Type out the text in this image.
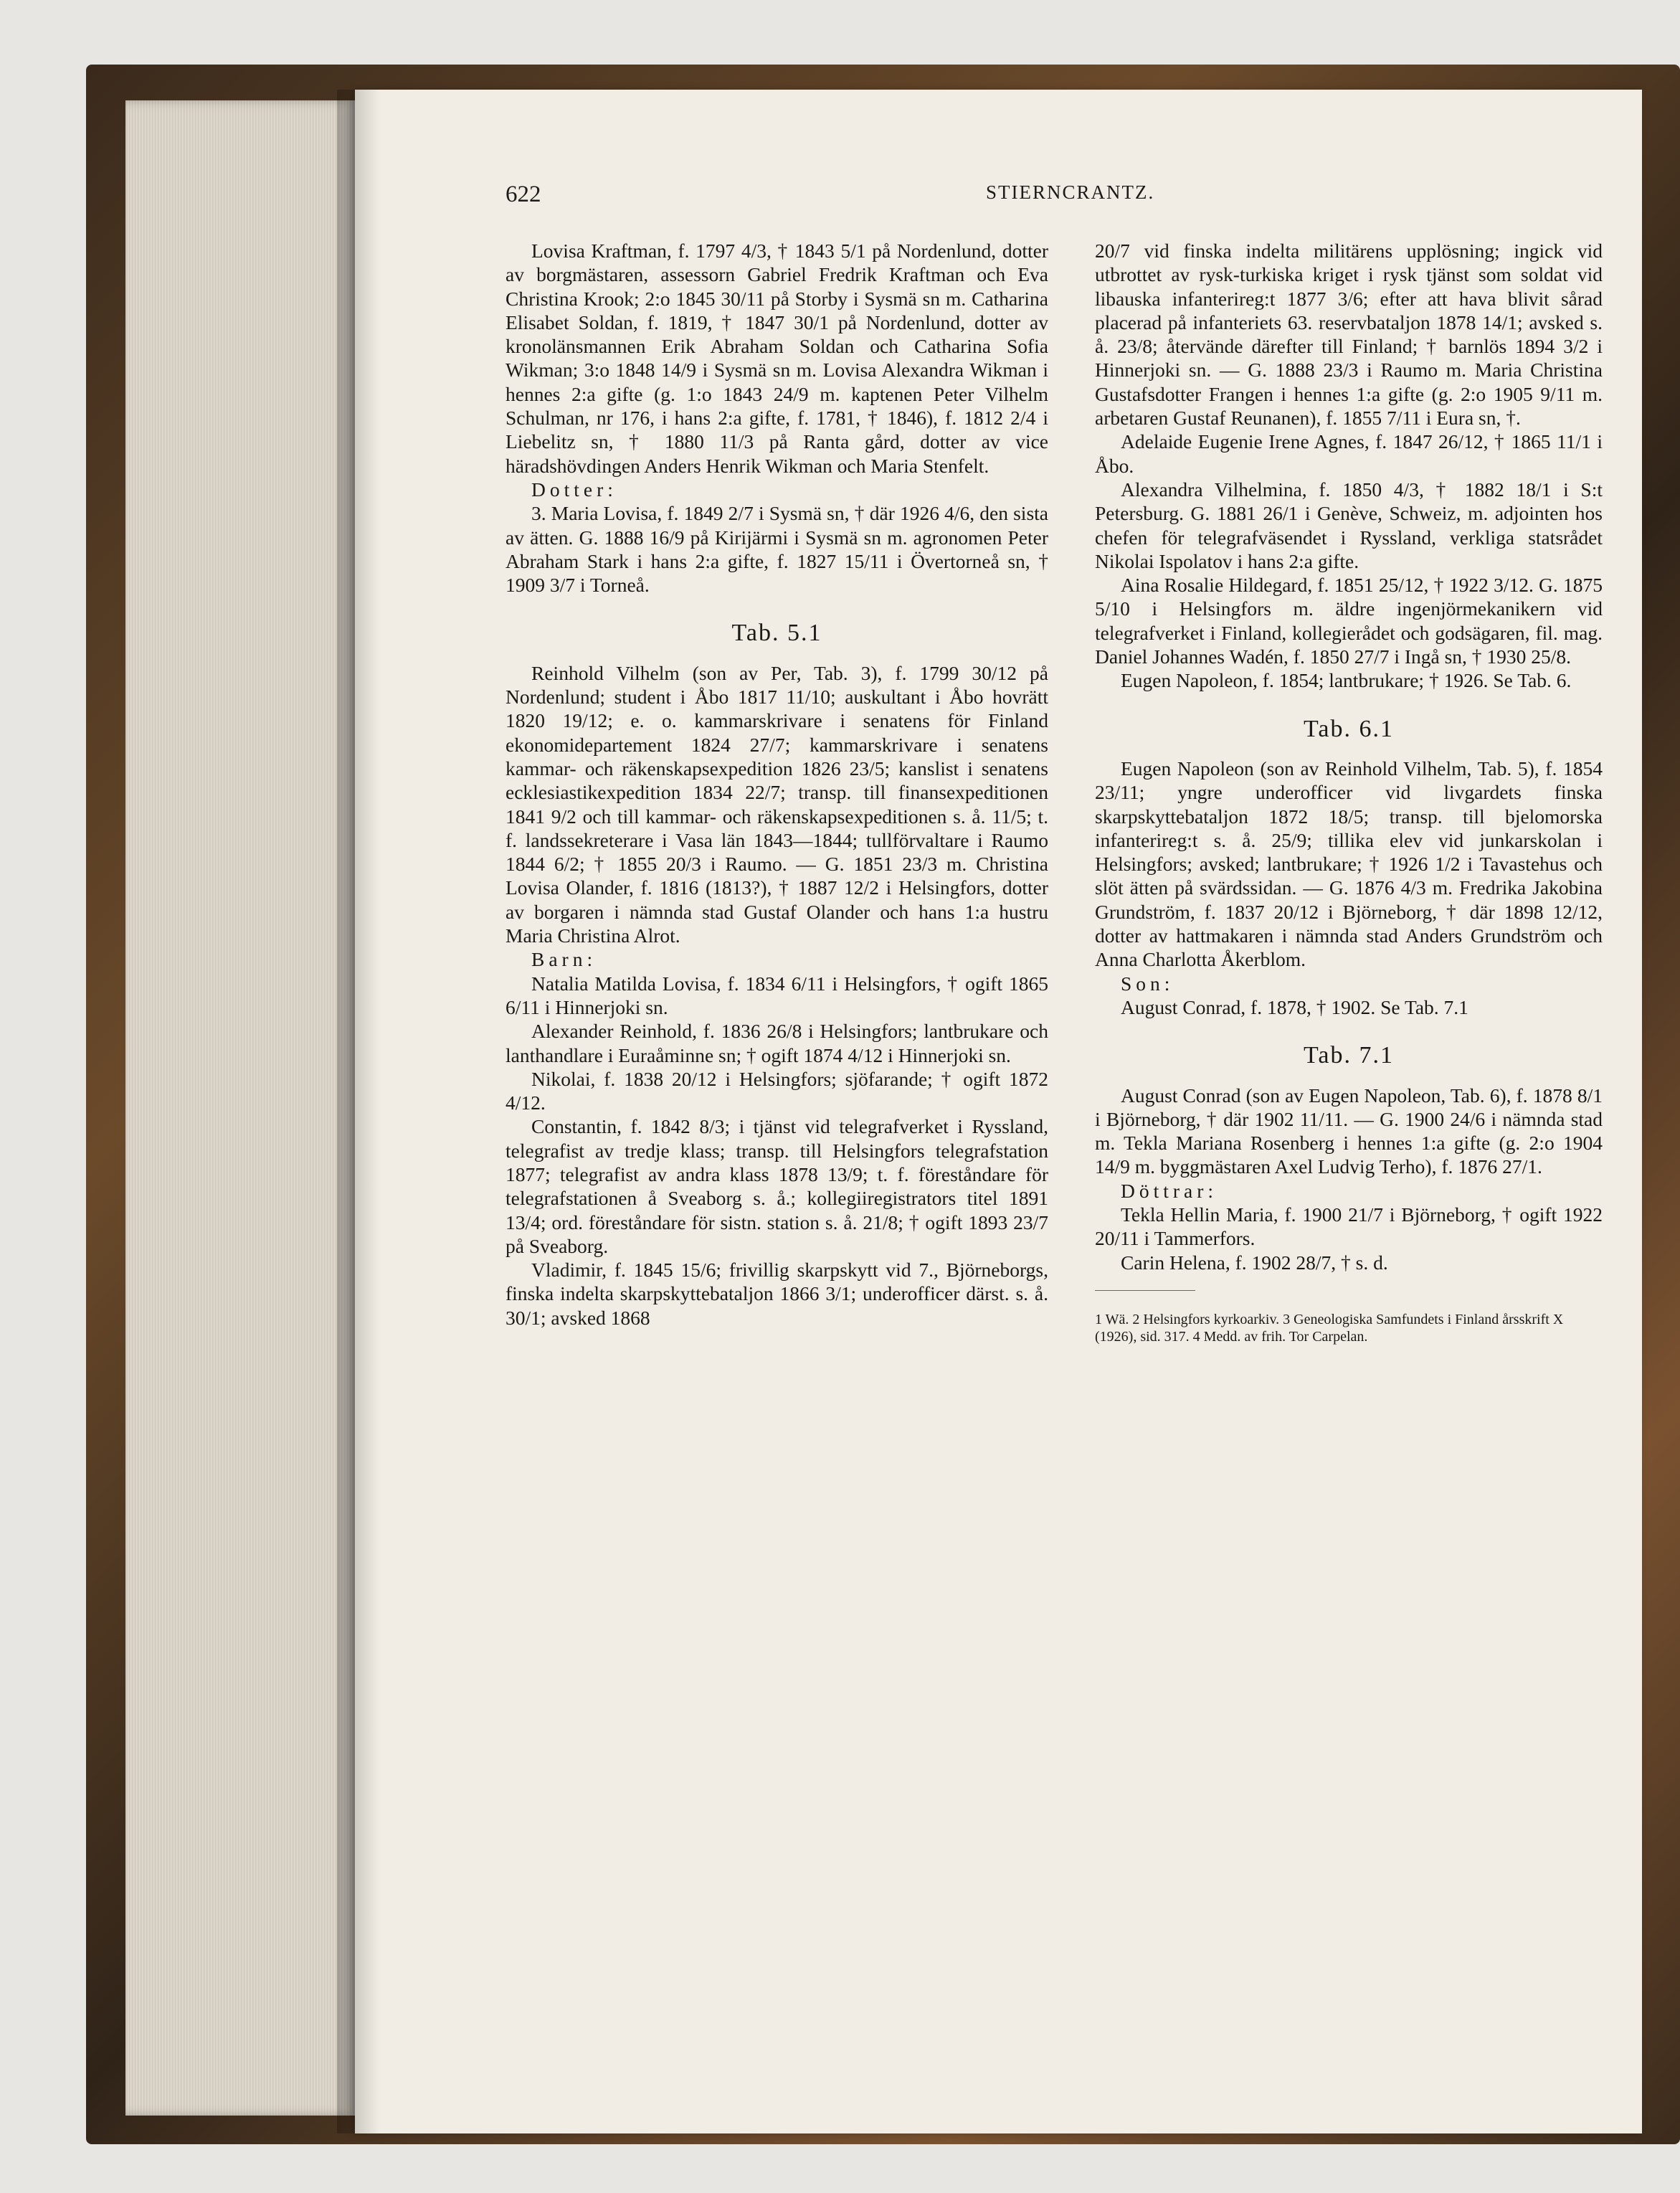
622	STIERNCRANTZ.

Lovisa Kraftman, f. 1797 4/3, † 1843 5/1 på Nordenlund, dotter av borgmästaren, assessorn Gabriel Fredrik Kraftman och Eva Christina Krook; 2:o 1845 30/11 på Storby i Sysmä sn m. Catharina Elisabet Soldan, f. 1819, † 1847 30/1 på Nordenlund, dotter av kronolänsmannen Erik Abraham Soldan och Catharina Sofia Wikman; 3:o 1848 14/9 i Sysmä sn m. Lovisa Alexandra Wikman i hennes 2:a gifte (g. 1:o 1843 24/9 m. kaptenen Peter Vilhelm Schulman, nr 176, i hans 2:a gifte, f. 1781, † 1846), f. 1812 2/4 i Liebelitz sn, † 1880 11/3 på Ranta gård, dotter av vice häradshövdingen Anders Henrik Wikman och Maria Stenfelt.

Dotter:

3. Maria Lovisa, f. 1849 2/7 i Sysmä sn, † där 1926 4/6, den sista av ätten. G. 1888 16/9 på Kirijärmi i Sysmä sn m. agronomen Peter Abraham Stark i hans 2:a gifte, f. 1827 15/11 i Övertorneå sn, † 1909 3/7 i Torneå.

Tab. 5.1

Reinhold Vilhelm (son av Per, Tab. 3), f. 1799 30/12 på Nordenlund; student i Åbo 1817 11/10; auskultant i Åbo hovrätt 1820 19/12; e. o. kammarskrivare i senatens för Finland ekonomidepartement 1824 27/7; kammarskrivare i senatens kammar- och räkenskapsexpedition 1826 23/5; kanslist i senatens ecklesiastikexpedition 1834 22/7; transp. till finansexpeditionen 1841 9/2 och till kammar- och räkenskapsexpeditionen s. å. 11/5; t. f. landssekreterare i Vasa län 1843—1844; tullförvaltare i Raumo 1844 6/2; † 1855 20/3 i Raumo. — G. 1851 23/3 m. Christina Lovisa Olander, f. 1816 (1813?), † 1887 12/2 i Helsingfors, dotter av borgaren i nämnda stad Gustaf Olander och hans 1:a hustru Maria Christina Alrot.

Barn:

Natalia Matilda Lovisa, f. 1834 6/11 i Helsingfors, † ogift 1865 6/11 i Hinnerjoki sn.

Alexander Reinhold, f. 1836 26/8 i Helsingfors; lantbrukare och lanthandlare i Euraåminne sn; † ogift 1874 4/12 i Hinnerjoki sn.

Nikolai, f. 1838 20/12 i Helsingfors; sjöfarande; † ogift 1872 4/12.

Constantin, f. 1842 8/3; i tjänst vid telegrafverket i Ryssland, telegrafist av tredje klass; transp. till Helsingfors telegrafstation 1877; telegrafist av andra klass 1878 13/9; t. f. föreståndare för telegrafstationen å Sveaborg s. å.; kollegiiregistrators titel 1891 13/4; ord. föreståndare för sistn. station s. å. 21/8; † ogift 1893 23/7 på Sveaborg.

Vladimir, f. 1845 15/6; frivillig skarpskytt vid 7., Björneborgs, finska indelta skarpskyttebataljon 1866 3/1; underofficer därst. s. å. 30/1; avsked 1868

20/7 vid finska indelta militärens upplösning; ingick vid utbrottet av rysk-turkiska kriget i rysk tjänst som soldat vid libauska infanterireg:t 1877 3/6; efter att hava blivit sårad placerad på infanteriets 63. reservbataljon 1878 14/1; avsked s. å. 23/8; återvände därefter till Finland; † barnlös 1894 3/2 i Hinnerjoki sn. — G. 1888 23/3 i Raumo m. Maria Christina Gustafsdotter Frangen i hennes 1:a gifte (g. 2:o 1905 9/11 m. arbetaren Gustaf Reunanen), f. 1855 7/11 i Eura sn, †.

Adelaide Eugenie Irene Agnes, f. 1847 26/12, † 1865 11/1 i Åbo.

Alexandra Vilhelmina, f. 1850 4/3, † 1882 18/1 i S:t Petersburg. G. 1881 26/1 i Genève, Schweiz, m. adjointen hos chefen för telegrafväsendet i Ryssland, verkliga statsrådet Nikolai Ispolatov i hans 2:a gifte.

Aina Rosalie Hildegard, f. 1851 25/12, † 1922 3/12. G. 1875 5/10 i Helsingfors m. äldre ingenjörmekanikern vid telegrafverket i Finland, kollegierådet och godsägaren, fil. mag. Daniel Johannes Wadén, f. 1850 27/7 i Ingå sn, † 1930 25/8.

Eugen Napoleon, f. 1854; lantbrukare; † 1926. Se Tab. 6.

Tab. 6.1

Eugen Napoleon (son av Reinhold Vilhelm, Tab. 5), f. 1854 23/11; yngre underofficer vid livgardets finska skarpskyttebataljon 1872 18/5; transp. till bjelomorska infanterireg:t s. å. 25/9; tillika elev vid junkarskolan i Helsingfors; avsked; lantbrukare; † 1926 1/2 i Tavastehus och slöt ätten på svärdssidan. — G. 1876 4/3 m. Fredrika Jakobina Grundström, f. 1837 20/12 i Björneborg, † där 1898 12/12, dotter av hattmakaren i nämnda stad Anders Grundström och Anna Charlotta Åkerblom.

Son:

August Conrad, f. 1878, † 1902. Se Tab. 7.1

Tab. 7.1

August Conrad (son av Eugen Napoleon, Tab. 6), f. 1878 8/1 i Björneborg, † där 1902 11/11. — G. 1900 24/6 i nämnda stad m. Tekla Mariana Rosenberg i hennes 1:a gifte (g. 2:o 1904 14/9 m. byggmästaren Axel Ludvig Terho), f. 1876 27/1.

Döttrar:

Tekla Hellin Maria, f. 1900 21/7 i Björneborg, † ogift 1922 20/11 i Tammerfors.

Carin Helena, f. 1902 28/7, † s. d.

1 Wä. 2 Helsingfors kyrkoarkiv. 3 Geneologiska Samfundets i Finland årsskrift X (1926), sid. 317. 4 Medd. av frih. Tor Carpelan.
